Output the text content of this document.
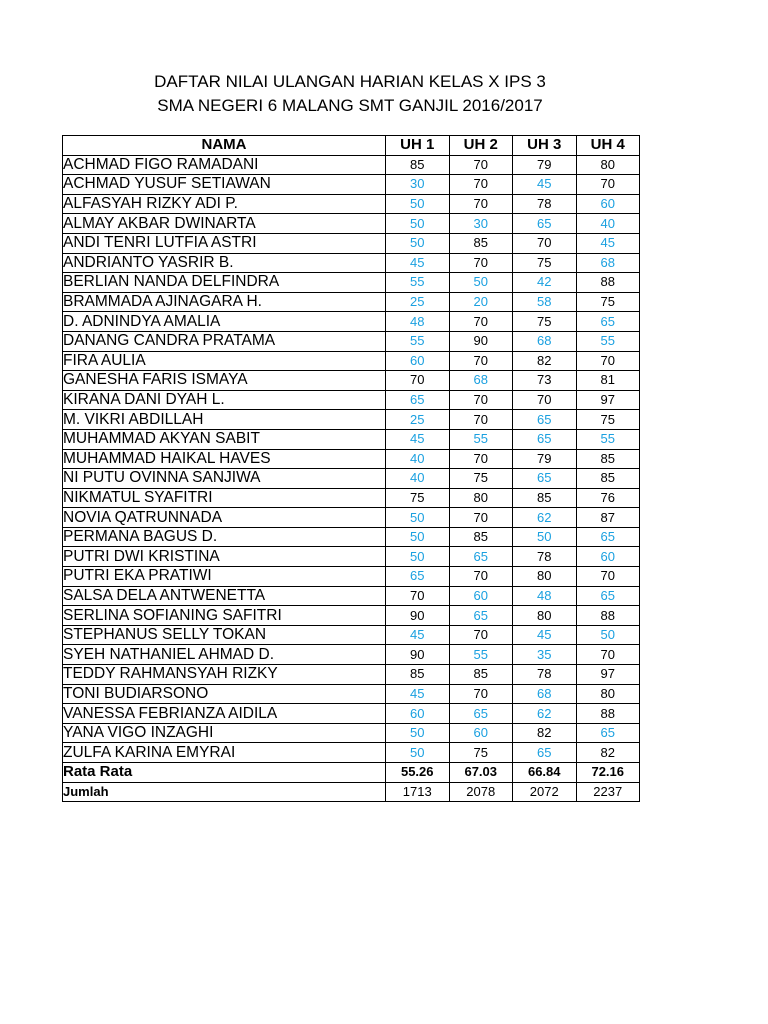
DAFTAR NILAI ULANGAN HARIAN KELAS X IPS 3

SMA NEGERI 6 MALANG SMT GANJIL 2016/2017

NAMA	UH 1	UH 2	UH 3	UH 4
ACHMAD FIGO RAMADANI	85	70	79	80
ACHMAD YUSUF SETIAWAN	30	70	45	70
ALFASYAH RIZKY ADI P.	50	70	78	60
ALMAY AKBAR DWINARTA	50	30	65	40
ANDI TENRI LUTFIA ASTRI	50	85	70	45
ANDRIANTO YASRIR B.	45	70	75	68
BERLIAN NANDA DELFINDRA	55	50	42	88
BRAMMADA AJINAGARA H.	25	20	58	75
D. ADNINDYA AMALIA	48	70	75	65
DANANG CANDRA PRATAMA	55	90	68	55
FIRA AULIA	60	70	82	70
GANESHA FARIS ISMAYA	70	68	73	81
KIRANA DANI DYAH L.	65	70	70	97
M. VIKRI ABDILLAH	25	70	65	75
MUHAMMAD AKYAN SABIT	45	55	65	55
MUHAMMAD HAIKAL HAVES	40	70	79	85
NI PUTU OVINNA SANJIWA	40	75	65	85
NIKMATUL SYAFITRI	75	80	85	76
NOVIA QATRUNNADA	50	70	62	87
PERMANA BAGUS D.	50	85	50	65
PUTRI DWI KRISTINA	50	65	78	60
PUTRI EKA PRATIWI	65	70	80	70
SALSA DELA ANTWENETTA	70	60	48	65
SERLINA SOFIANING SAFITRI	90	65	80	88
STEPHANUS SELLY TOKAN	45	70	45	50
SYEH NATHANIEL AHMAD D.	90	55	35	70
TEDDY RAHMANSYAH RIZKY	85	85	78	97
TONI BUDIARSONO	45	70	68	80
VANESSA FEBRIANZA AIDILA	60	65	62	88
YANA VIGO INZAGHI	50	60	82	65
ZULFA KARINA EMYRAI	50	75	65	82
Rata Rata	55.26	67.03	66.84	72.16
Jumlah	1713	2078	2072	2237
